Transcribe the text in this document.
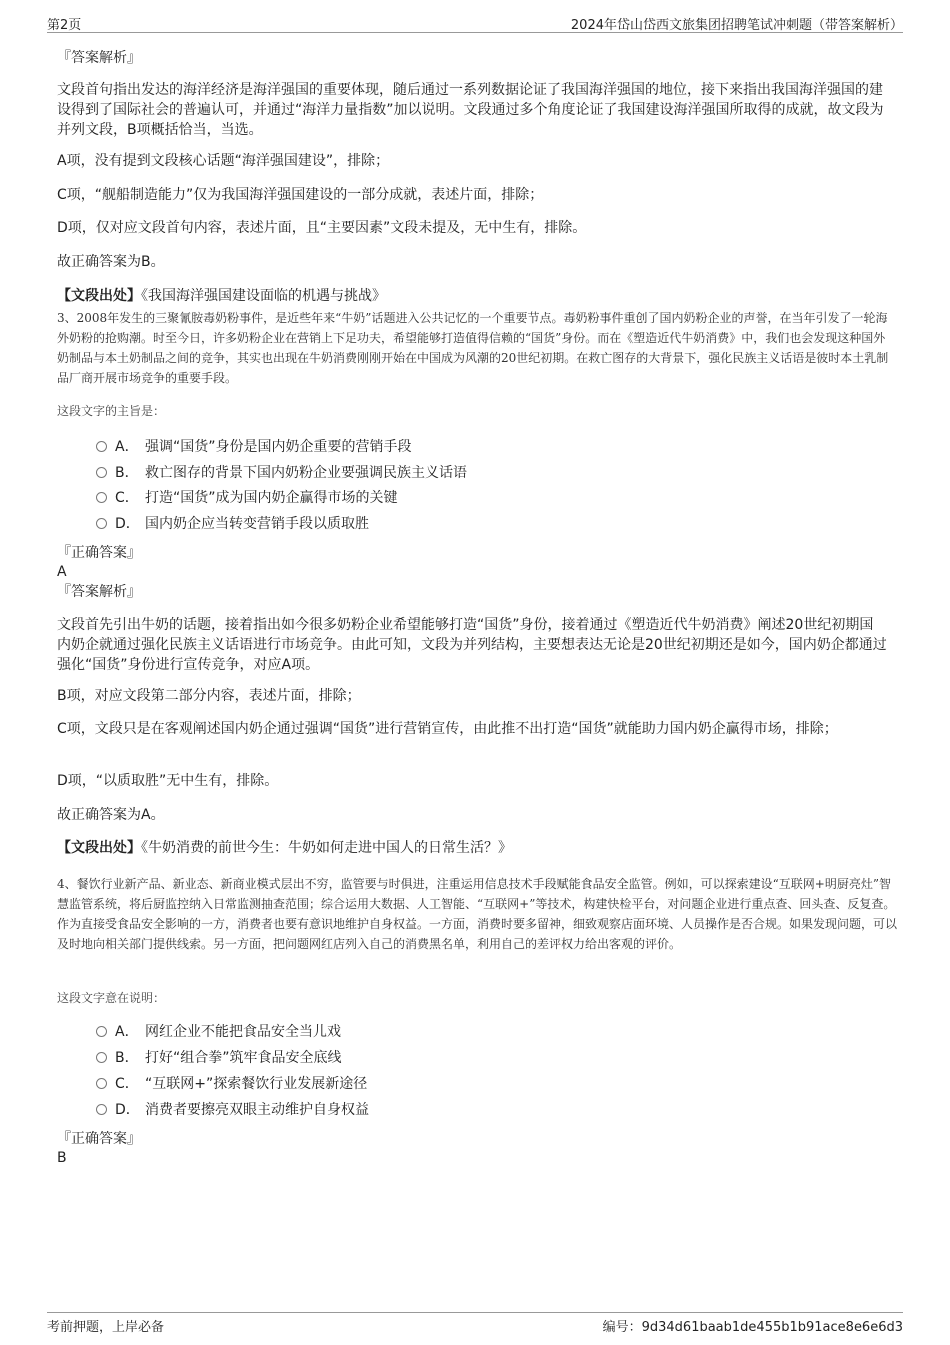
第2页	2024年岱山岱西文旅集团招聘笔试冲刺题（带答案解析）
『答案解析』

文段首句指出发达的海洋经济是海洋强国的重要体现，随后通过一系列数据论证了我国海洋强国的地位，接下来指出我国海洋强国的建设得到了国际社会的普遍认可，并通过“海洋力量指数”加以说明。文段通过多个角度论证了我国建设海洋强国所取得的成就，故文段为并列文段，B项概括恰当，当选。

A项，没有提到文段核心话题“海洋强国建设”，排除；
C项，“舰船制造能力”仅为我国海洋强国建设的一部分成就，表述片面，排除；
D项，仅对应文段首句内容，表述片面，且“主要因素”文段未提及，无中生有，排除。
故正确答案为B。
【文段出处】《我国海洋强国建设面临的机遇与挑战》

3、2008年发生的三聚氰胺毒奶粉事件，是近些年来“牛奶”话题进入公共记忆的一个重要节点。毒奶粉事件重创了国内奶粉企业的声誉，在当年引发了一轮海外奶粉的抢购潮。时至今日，许多奶粉企业在营销上下足功夫，希望能够打造值得信赖的“国货”身份。而在《塑造近代牛奶消费》中，我们也会发现这种国外奶制品与本土奶制品之间的竞争，其实也出现在牛奶消费刚刚开始在中国成为风潮的20世纪初期。在救亡图存的大背景下，强化民族主义话语是彼时本土乳制品厂商开展市场竞争的重要手段。

这段文字的主旨是：
A． 强调“国货”身份是国内奶企重要的营销手段
B． 救亡图存的背景下国内奶粉企业要强调民族主义话语
C． 打造“国货”成为国内奶企赢得市场的关键
D． 国内奶企应当转变营销手段以质取胜
『正确答案』
A
『答案解析』

文段首先引出牛奶的话题，接着指出如今很多奶粉企业希望能够打造“国货”身份，接着通过《塑造近代牛奶消费》阐述20世纪初期国内奶企就通过强化民族主义话语进行市场竞争。由此可知，文段为并列结构，主要想表达无论是20世纪初期还是如今，国内奶企都通过强化“国货”身份进行宣传竞争，对应A项。

B项，对应文段第二部分内容，表述片面，排除；

C项，文段只是在客观阐述国内奶企通过强调“国货”进行营销宣传，由此推不出打造“国货”就能助力国内奶企赢得市场，排除；

D项，“以质取胜”无中生有，排除。
故正确答案为A。
【文段出处】《牛奶消费的前世今生：牛奶如何走进中国人的日常生活？》

4、餐饮行业新产品、新业态、新商业模式层出不穷，监管要与时俱进，注重运用信息技术手段赋能食品安全监管。例如，可以探索建设“互联网+明厨亮灶”智慧监管系统，将后厨监控纳入日常监测抽查范围；综合运用大数据、人工智能、“互联网+”等技术，构建快检平台，对问题企业进行重点查、回头查、反复查。作为直接受食品安全影响的一方，消费者也要有意识地维护自身权益。一方面，消费时要多留神，细致观察店面环境、人员操作是否合规。如果发现问题，可以及时地向相关部门提供线索。另一方面，把问题网红店列入自己的消费黑名单，利用自己的差评权力给出客观的评价。

这段文字意在说明：
A． 网红企业不能把食品安全当儿戏
B． 打好“组合拳”筑牢食品安全底线
C． “互联网+”探索餐饮行业发展新途径
D． 消费者要擦亮双眼主动维护自身权益
『正确答案』
B
考前押题，上岸必备	编号：9d34d61baab1de455b1b91ace8e6e6d3
